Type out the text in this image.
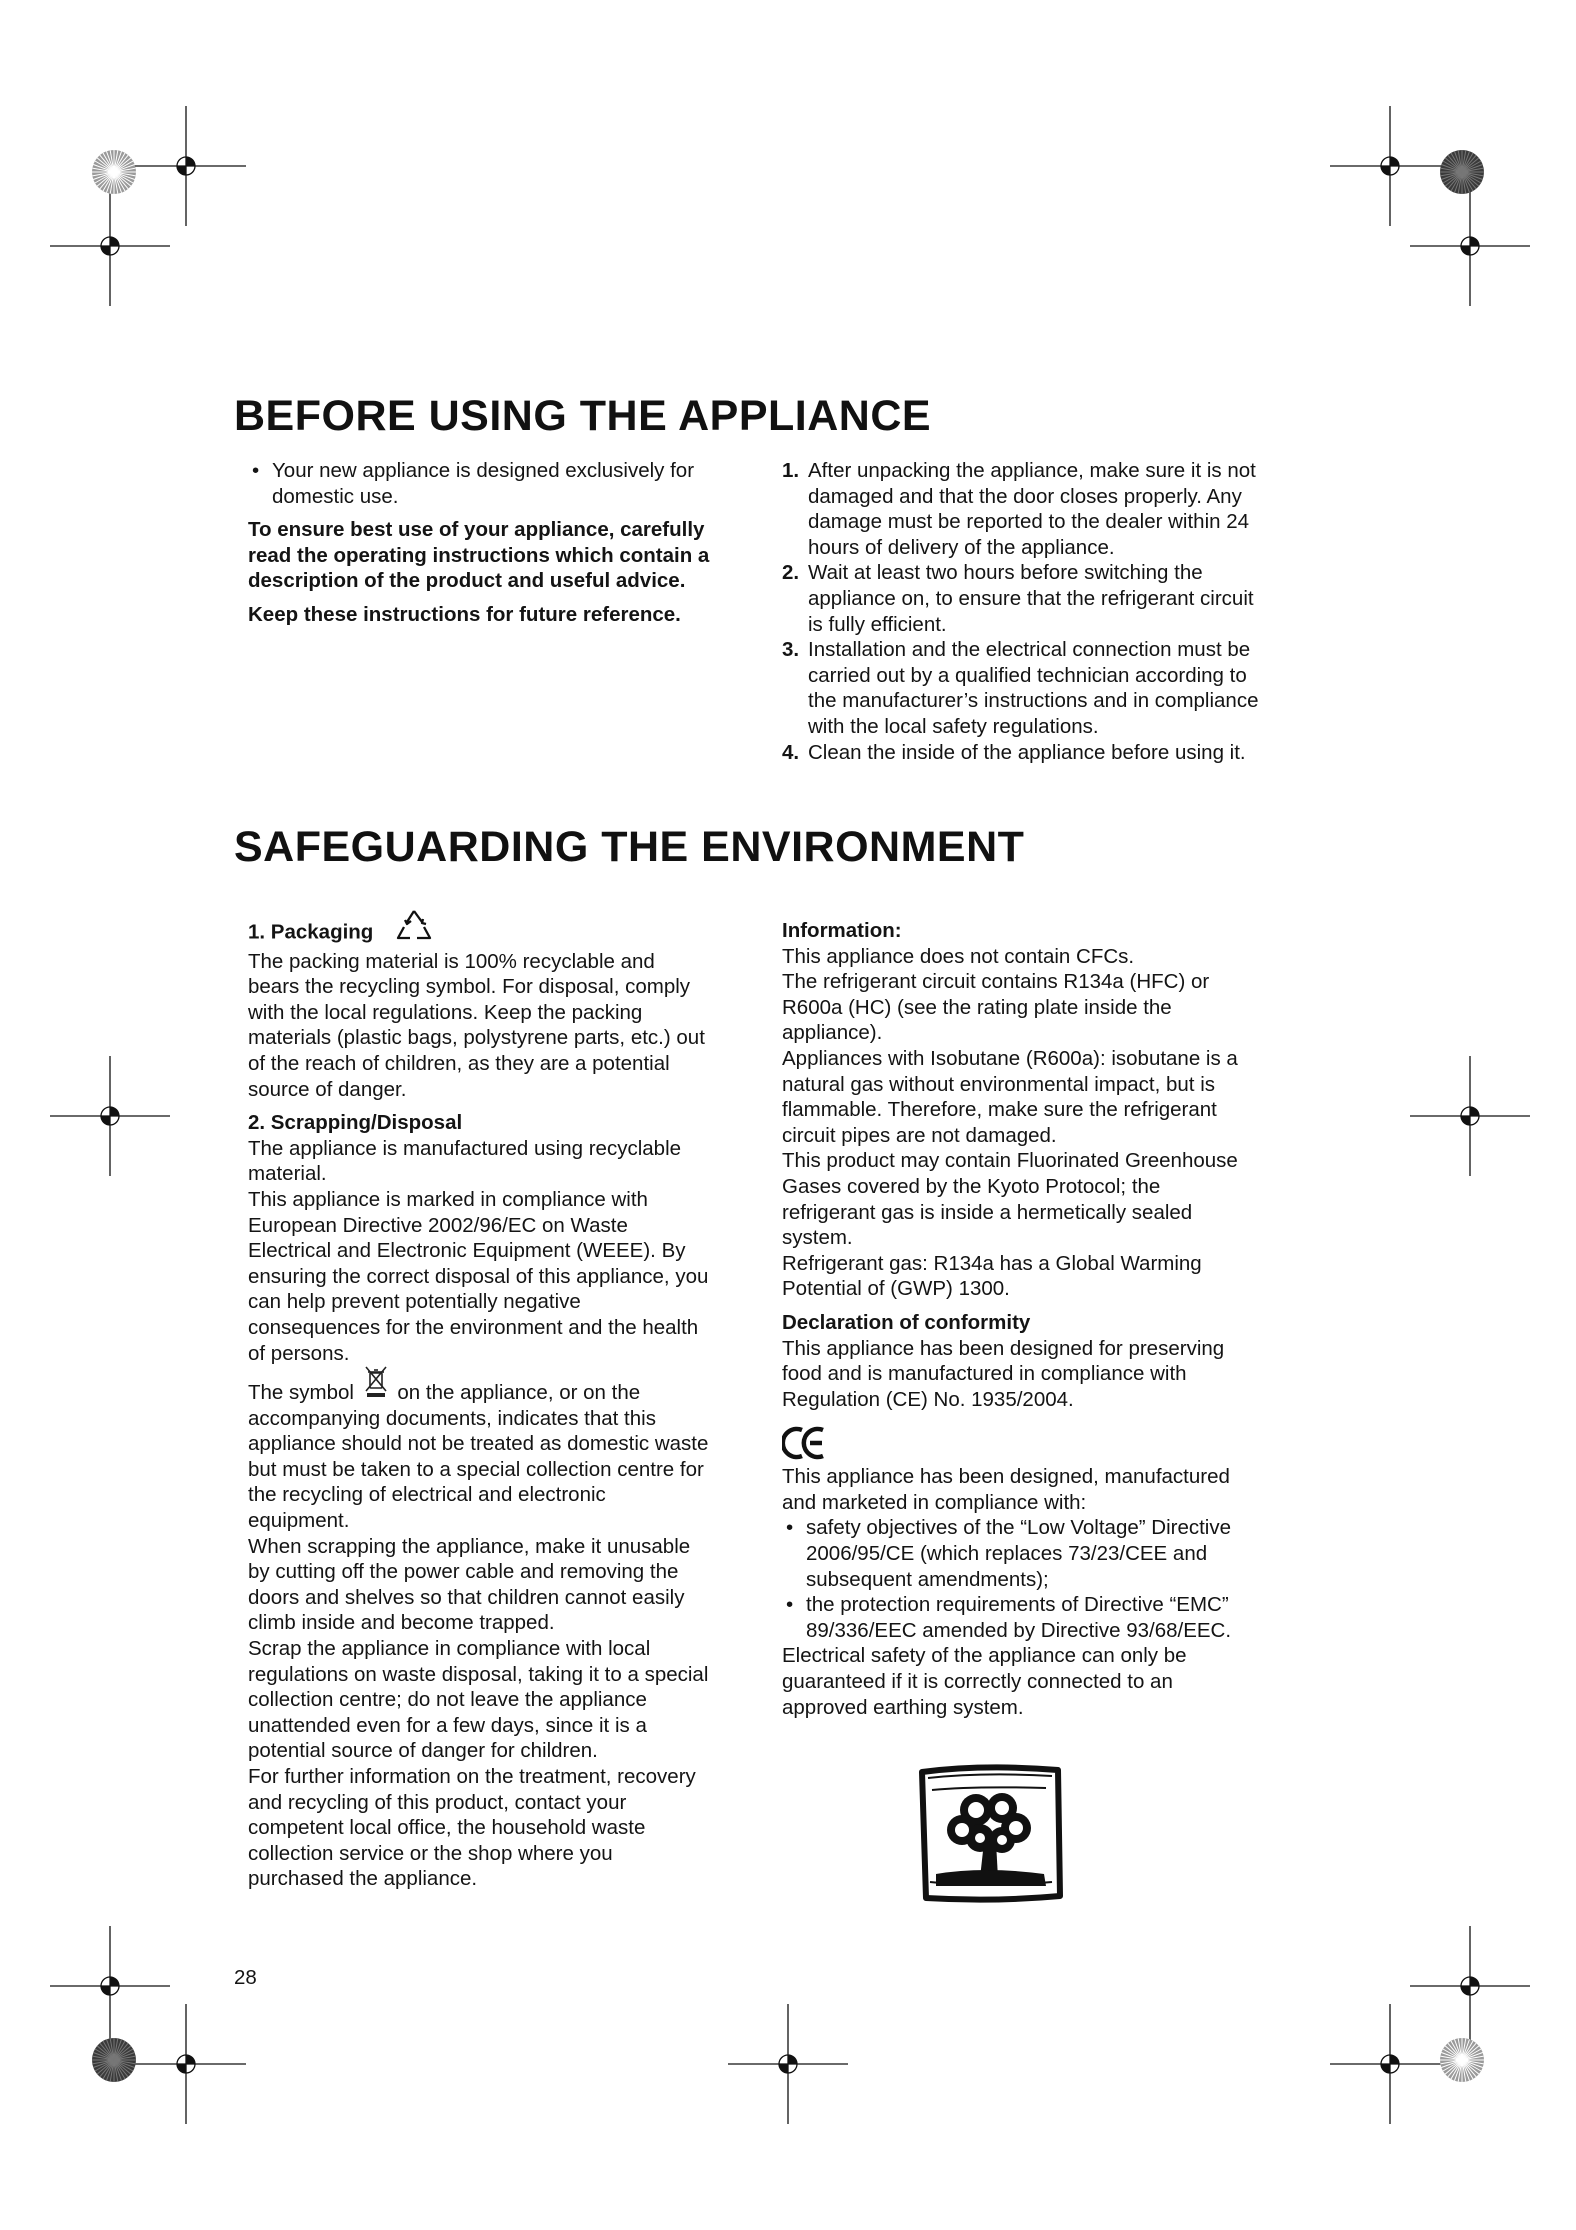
BEFORE USING THE APPLIANCE

• Your new appliance is designed exclusively for domestic use.

To ensure best use of your appliance, carefully read the operating instructions which contain a description of the product and useful advice.

Keep these instructions for future reference.

1. After unpacking the appliance, make sure it is not damaged and that the door closes properly. Any damage must be reported to the dealer within 24 hours of delivery of the appliance.

2. Wait at least two hours before switching the appliance on, to ensure that the refrigerant circuit is fully efficient.

3. Installation and the electrical connection must be carried out by a qualified technician according to the manufacturer’s instructions and in compliance with the local safety regulations.

4. Clean the inside of the appliance before using it.

SAFEGUARDING THE ENVIRONMENT

1. Packaging

The packing material is 100% recyclable and bears the recycling symbol. For disposal, comply with the local regulations. Keep the packing materials (plastic bags, polystyrene parts, etc.) out of the reach of children, as they are a potential source of danger.

2. Scrapping/Disposal

The appliance is manufactured using recyclable material.

This appliance is marked in compliance with European Directive 2002/96/EC on Waste Electrical and Electronic Equipment (WEEE). By ensuring the correct disposal of this appliance, you can help prevent potentially negative consequences for the environment and the health of persons.

The symbol on the appliance, or on the accompanying documents, indicates that this appliance should not be treated as domestic waste but must be taken to a special collection centre for the recycling of electrical and electronic equipment.

When scrapping the appliance, make it unusable by cutting off the power cable and removing the doors and shelves so that children cannot easily climb inside and become trapped.

Scrap the appliance in compliance with local regulations on waste disposal, taking it to a special collection centre; do not leave the appliance unattended even for a few days, since it is a potential source of danger for children.

For further information on the treatment, recovery and recycling of this product, contact your competent local office, the household waste collection service or the shop where you purchased the appliance.

Information:

This appliance does not contain CFCs.

The refrigerant circuit contains R134a (HFC) or R600a (HC) (see the rating plate inside the appliance).

Appliances with Isobutane (R600a): isobutane is a natural gas without environmental impact, but is flammable. Therefore, make sure the refrigerant circuit pipes are not damaged.

This product may contain Fluorinated Greenhouse Gases covered by the Kyoto Protocol; the refrigerant gas is inside a hermetically sealed system.

Refrigerant gas: R134a has a Global Warming Potential of (GWP) 1300.

Declaration of conformity

This appliance has been designed for preserving food and is manufactured in compliance with Regulation (CE) No. 1935/2004.

This appliance has been designed, manufactured and marketed in compliance with:

• safety objectives of the “Low Voltage” Directive 2006/95/CE (which replaces 73/23/CEE and subsequent amendments);

• the protection requirements of Directive “EMC” 89/336/EEC amended by Directive 93/68/EEC.

Electrical safety of the appliance can only be guaranteed if it is correctly connected to an approved earthing system.

28
